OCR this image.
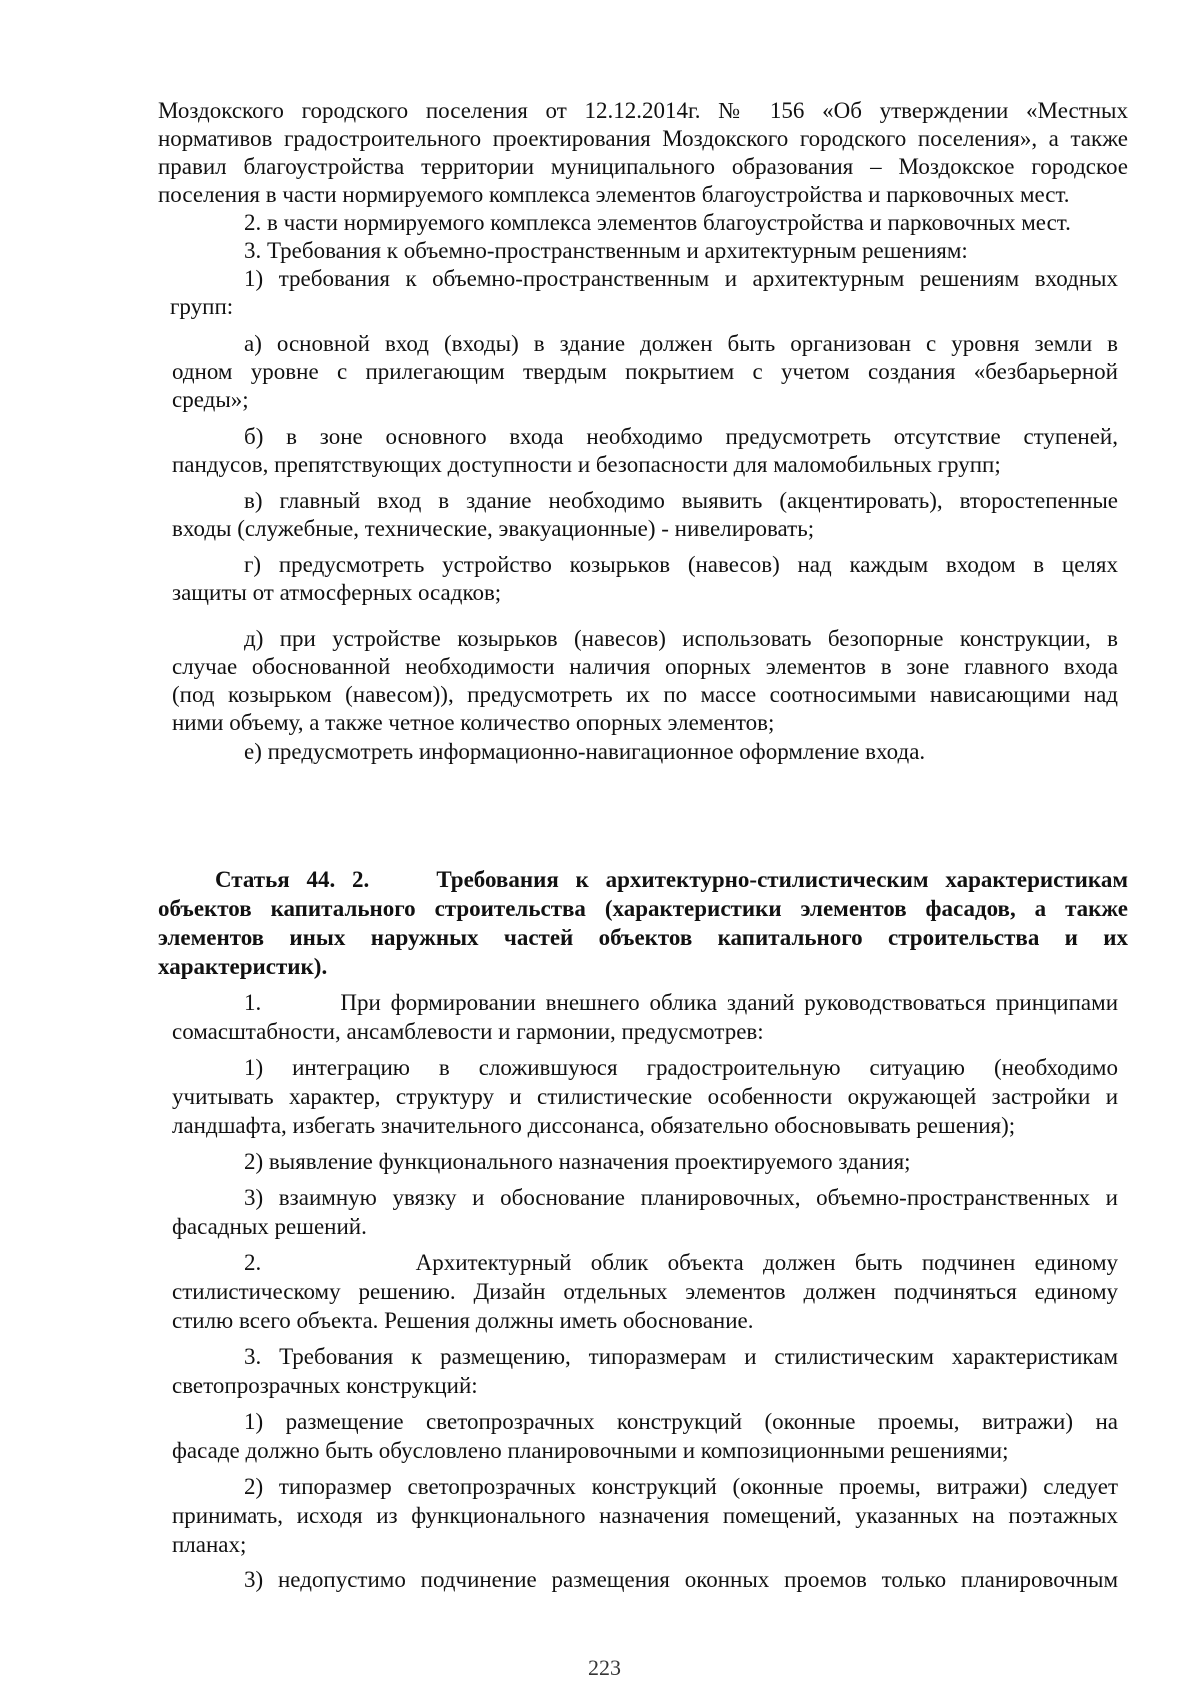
Моздокского городского поселения от 12.12.2014г. № 156 «Об утверждении «Местных
нормативов градостроительного проектирования Моздокского городского поселения», а также
правил благоустройства территории муниципального образования – Моздокское городское
поселения в части нормируемого комплекса элементов благоустройства и парковочных мест.
2. в части нормируемого комплекса элементов благоустройства и парковочных мест.
3. Требования к объемно-пространственным и архитектурным решениям:
1) требования к объемно-пространственным и архитектурным решениям входных
групп:
а) основной вход (входы) в здание должен быть организован с уровня земли в
одном уровне с прилегающим твердым покрытием с учетом создания «безбарьерной
среды»;
б) в зоне основного входа необходимо предусмотреть отсутствие ступеней,
пандусов, препятствующих доступности и безопасности для маломобильных групп;
в) главный вход в здание необходимо выявить (акцентировать), второстепенные
входы (служебные, технические, эвакуационные) - нивелировать;
г) предусмотреть устройство козырьков (навесов) над каждым входом в целях
защиты от атмосферных осадков;
д) при устройстве козырьков (навесов) использовать безопорные конструкции, в
случае обоснованной необходимости наличия опорных элементов в зоне главного входа
(под козырьком (навесом)), предусмотреть их по массе соотносимыми нависающими над
ними объему, а также четное количество опорных элементов;
е) предусмотреть информационно-навигационное оформление входа.
Статья 44. 2.    Требования к архитектурно-стилистическим характеристикам
объектов капитального строительства (характеристики элементов фасадов, а также
элементов иных наружных частей объектов капитального строительства и их
характеристик).
1.        При формировании внешнего облика зданий руководствоваться принципами
сомасштабности, ансамблевости и гармонии, предусмотрев:
1) интеграцию в сложившуюся градостроительную ситуацию (необходимо
учитывать характер, структуру и стилистические особенности окружающей застройки и
ландшафта, избегать значительного диссонанса, обязательно обосновывать решения);
2) выявление функционального назначения проектируемого здания;
3) взаимную увязку и обоснование планировочных, объемно-пространственных и
фасадных решений.
2.        Архитектурный облик объекта должен быть подчинен единому
стилистическому решению. Дизайн отдельных элементов должен подчиняться единому
стилю всего объекта. Решения должны иметь обоснование.
3. Требования к размещению, типоразмерам и стилистическим характеристикам
светопрозрачных конструкций:
1) размещение светопрозрачных конструкций (оконные проемы, витражи) на
фасаде должно быть обусловлено планировочными и композиционными решениями;
2) типоразмер светопрозрачных конструкций (оконные проемы, витражи) следует
принимать, исходя из функционального назначения помещений, указанных на поэтажных
планах;
3) недопустимо подчинение размещения оконных проемов только планировочным
223
